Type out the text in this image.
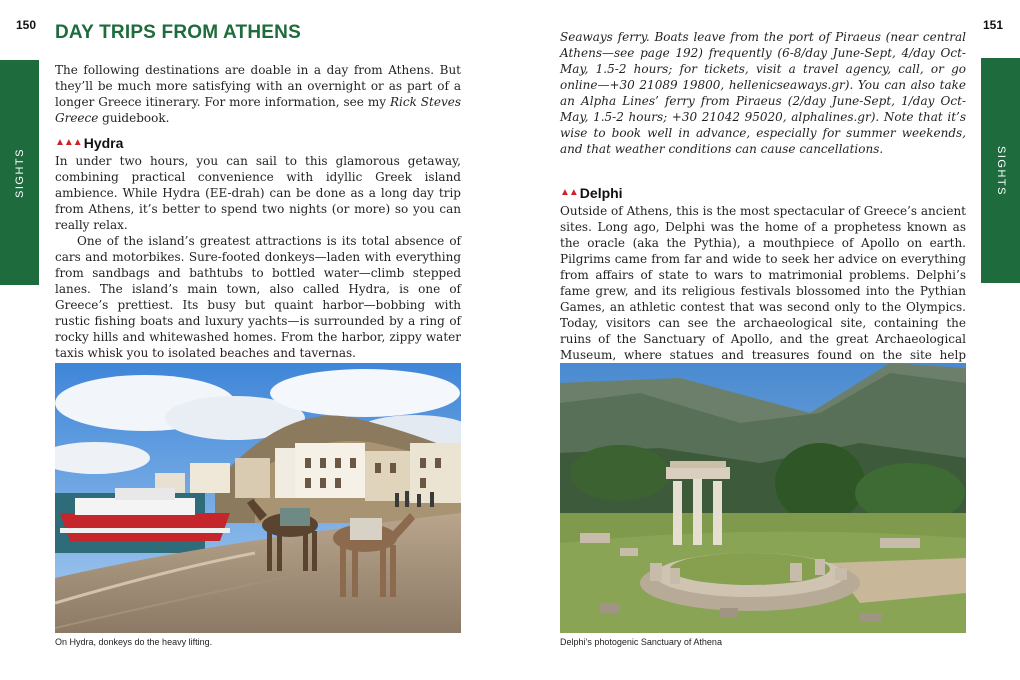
150	151
SIGHTS	SIGHTS
DAY TRIPS FROM ATHENS

The following destinations are doable in a day from Athens. But they’ll be much more satisfying with an overnight or as part of a longer Greece itinerary. For more information, see my Rick Steves Greece guidebook.

▲▲▲ Hydra

In under two hours, you can sail to this glamorous getaway, combining practical convenience with idyllic Greek island ambience. While Hydra (EE-drah) can be done as a long day trip from Athens, it’s better to spend two nights (or more) so you can really relax.

One of the island’s greatest attractions is its total absence of cars and motorbikes. Sure-footed donkeys—laden with everything from sandbags and bathtubs to bottled water—climb stepped lanes. The island’s main town, also called Hydra, is one of Greece’s prettiest. Its busy but quaint harbor—bobbing with rustic fishing boats and luxury yachts—is surrounded by a ring of rocky hills and whitewashed homes. From the harbor, zippy water taxis whisk you to isolated beaches and tavernas.

Seaways ferry. Boats leave from the port of Piraeus (near central Athens—see page 192) frequently (6-8/day June-Sept, 4/day Oct-May, 1.5-2 hours; for tickets, visit a travel agency, call, or go online—+30 21089 19800, hellenicseaways.gr). You can also take an Alpha Lines’ ferry from Piraeus (2/day June-Sept, 1/day Oct-May, 1.5-2 hours; +30 21042 95020, alphalines.gr). Note that it’s wise to book well in advance, especially for summer weekends, and that weather conditions can cause cancellations.

▲▲ Delphi

Outside of Athens, this is the most spectacular of Greece’s ancient sites. Long ago, Delphi was the home of a prophetess known as the oracle (aka the Pythia), a mouthpiece of Apollo on earth. Pilgrims came from far and wide to seek her advice on everything from affairs of state to wars to matrimonial problems. Delphi’s fame grew, and its religious festivals blossomed into the Pythian Games, an athletic contest that was second only to the Olympics. Today, visitors can see the archaeological site, containing the ruins of the Sanctuary of Apollo, and the great Archaeological Museum, where statues and treasures found on the site help

On Hydra, donkeys do the heavy lifting.	Delphi’s photogenic Sanctuary of Athena
